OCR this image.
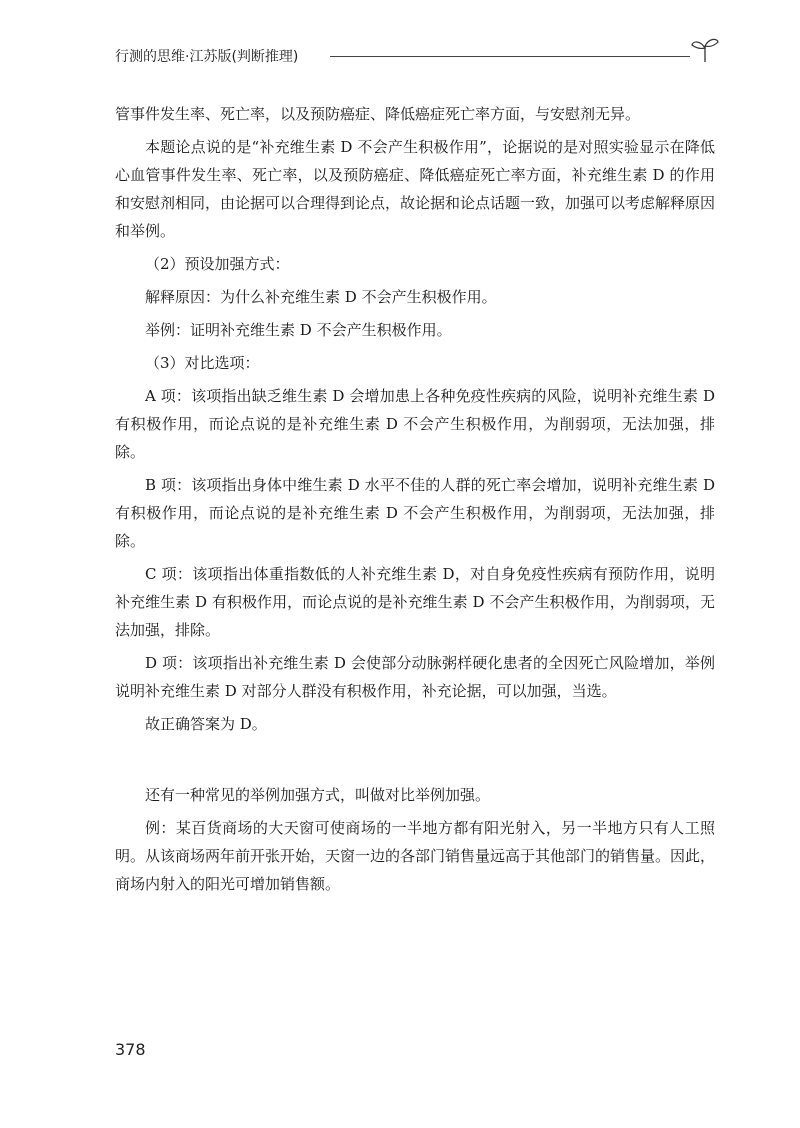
行测的思维·江苏版(判断推理)

管事件发生率、死亡率，以及预防癌症、降低癌症死亡率方面，与安慰剂无异。

本题论点说的是“补充维生素 D 不会产生积极作用”，论据说的是对照实验显示在降低心血管事件发生率、死亡率，以及预防癌症、降低癌症死亡率方面，补充维生素 D 的作用和安慰剂相同，由论据可以合理得到论点，故论据和论点话题一致，加强可以考虑解释原因和举例。

（2）预设加强方式：

解释原因：为什么补充维生素 D 不会产生积极作用。

举例：证明补充维生素 D 不会产生积极作用。

（3）对比选项：

A 项：该项指出缺乏维生素 D 会增加患上各种免疫性疾病的风险，说明补充维生素 D 有积极作用，而论点说的是补充维生素 D 不会产生积极作用，为削弱项，无法加强，排除。

B 项：该项指出身体中维生素 D 水平不佳的人群的死亡率会增加，说明补充维生素 D 有积极作用，而论点说的是补充维生素 D 不会产生积极作用，为削弱项，无法加强，排除。

C 项：该项指出体重指数低的人补充维生素 D，对自身免疫性疾病有预防作用，说明补充维生素 D 有积极作用，而论点说的是补充维生素 D 不会产生积极作用，为削弱项，无法加强，排除。

D 项：该项指出补充维生素 D 会使部分动脉粥样硬化患者的全因死亡风险增加，举例说明补充维生素 D 对部分人群没有积极作用，补充论据，可以加强，当选。

故正确答案为 D。

还有一种常见的举例加强方式，叫做对比举例加强。

例：某百货商场的大天窗可使商场的一半地方都有阳光射入，另一半地方只有人工照明。从该商场两年前开张开始，天窗一边的各部门销售量远高于其他部门的销售量。因此，商场内射入的阳光可增加销售额。

378
